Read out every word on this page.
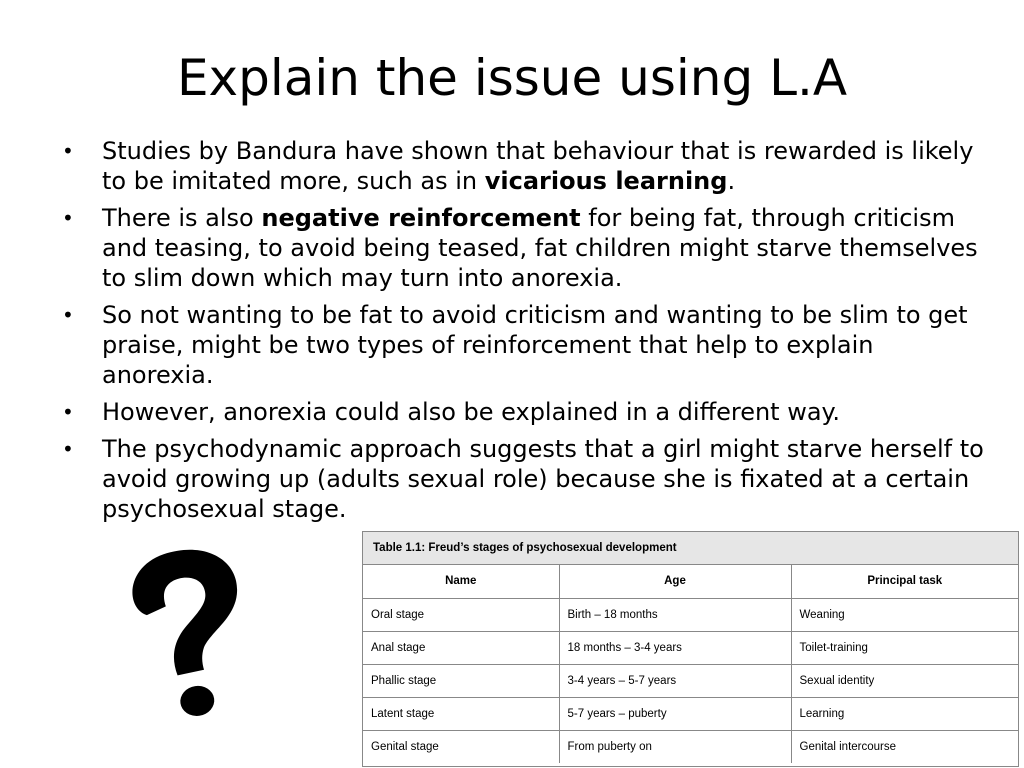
Explain the issue using L.A
• Studies by Bandura have shown that behaviour that is rewarded is likely to be imitated more, such as in vicarious learning.
• There is also negative reinforcement for being fat, through criticism and teasing, to avoid being teased, fat children might starve themselves to slim down which may turn into anorexia.
• So not wanting to be fat to avoid criticism and wanting to be slim to get praise, might be two types of reinforcement that help to explain anorexia.
• However, anorexia could also be explained in a different way.
• The psychodynamic approach suggests that a girl might starve herself to avoid growing up (adults sexual role) because she is fixated at a certain psychosexual stage.
Table 1.1: Freud’s stages of psychosexual development
Name	Age	Principal task
Oral stage	Birth – 18 months	Weaning
Anal stage	18 months – 3-4 years	Toilet-training
Phallic stage	3-4 years – 5-7 years	Sexual identity
Latent stage	5-7 years – puberty	Learning
Genital stage	From puberty on	Genital intercourse
